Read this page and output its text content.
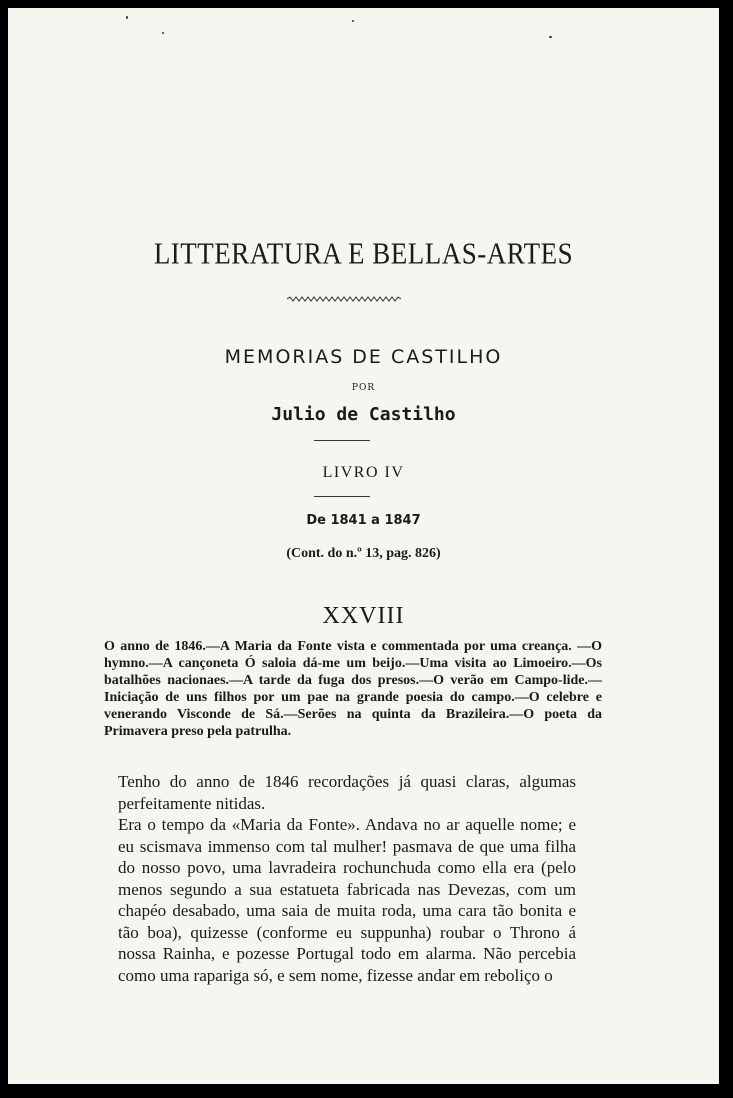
LITTERATURA E BELLAS-ARTES
MEMORIAS DE CASTILHO
POR
Julio de Castilho
LIVRO IV
De 1841 a 1847
(Cont. do n.º 13, pag. 826)
XXVIII
O anno de 1846.—A Maria da Fonte vista e commentada por uma creança. —O hymno.—A cançoneta Ó saloia dá-me um beijo.—Uma visita ao Limoeiro.—Os batalhões nacionaes.—A tarde da fuga dos presos.—O verão em Campo-lide.—Iniciação de uns filhos por um pae na grande poesia do campo.—O celebre e venerando Visconde de Sá.—Serões na quinta da Brazileira.—O poeta da Primavera preso pela patrulha.

Tenho do anno de 1846 recordações já quasi claras, algumas perfeitamente nitidas.

Era o tempo da «Maria da Fonte». Andava no ar aquelle nome; e eu scismava immenso com tal mulher! pasmava de que uma filha do nosso povo, uma lavradeira rochunchuda como ella era (pelo menos segundo a sua estatueta fabricada nas Devezas, com um chapéo desabado, uma saia de muita roda, uma cara tão bonita e tão boa), quizesse (conforme eu suppunha) roubar o Throno á nossa Rainha, e pozesse Portugal todo em alarma. Não percebia como uma rapariga só, e sem nome, fizesse andar em reboliço o
